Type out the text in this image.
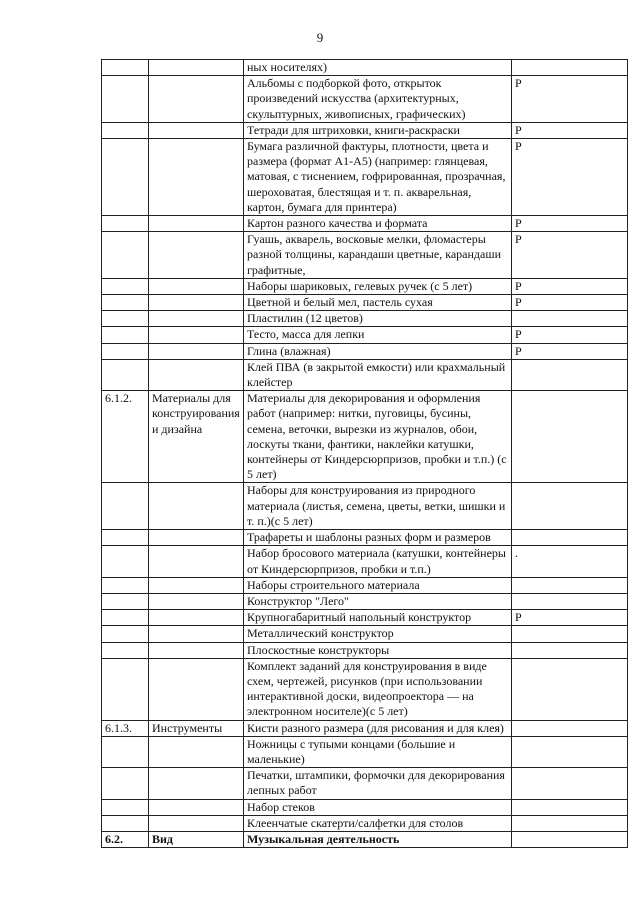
9
		ных носителях)	
		Альбомы с подборкой фото, открыток произведений искусства (архитектурных, скульптурных, живописных, графических)	Р
		Тетради для штриховки, книги-раскраски	Р
		Бумага различной фактуры, плотности, цвета и размера (формат А1-А5) (например: глянцевая, матовая, с тиснением, гофрированная, прозрачная, шероховатая, блестящая и т. п. акварельная, картон, бумага для принтера)	Р
		Картон разного качества и формата	Р
		Гуашь, акварель, восковые мелки, фломастеры разной толщины, карандаши цветные, карандаши графитные,	Р
		Наборы шариковых, гелевых ручек (с 5 лет)	Р
		Цветной и белый мел, пастель сухая	Р
		Пластилин (12 цветов)	
		Тесто, масса для лепки	Р
		Глина (влажная)	Р
		Клей ПВА (в закрытой емкости) или крахмальный клейстер	
6.1.2.	Материалы для конструирования и дизайна	Материалы для декорирования и оформления работ (например: нитки, пуговицы, бусины, семена, веточки, вырезки из журналов, обои, лоскуты ткани, фантики, наклейки катушки, контейнеры от Киндерсюрпризов, пробки и т.п.) (с 5 лет)	
		Наборы для конструирования из природного материала (листья, семена, цветы, ветки, шишки и т. п.)(с 5 лет)	
		Трафареты и шаблоны разных форм и размеров	
		Набор бросового материала (катушки, контейнеры от Киндерсюрпризов, пробки и т.п.)	.
		Наборы строительного материала	
		Конструктор "Лего"	
		Крупногабаритный напольный конструктор	Р
		Металлический конструктор	
		Плоскостные конструкторы	
		Комплект заданий для конструирования в виде схем, чертежей, рисунков (при использовании интерактивной доски, видеопроектора — на электронном носителе)(с 5 лет)	
6.1.3.	Инструменты	Кисти разного размера (для рисования и для клея)	
		Ножницы с тупыми концами (большие и маленькие)	
		Печатки, штампики, формочки для декорирования лепных работ	
		Набор стеков	
		Клеенчатые скатерти/салфетки для столов	
6.2.	Вид	Музыкальная деятельность	
